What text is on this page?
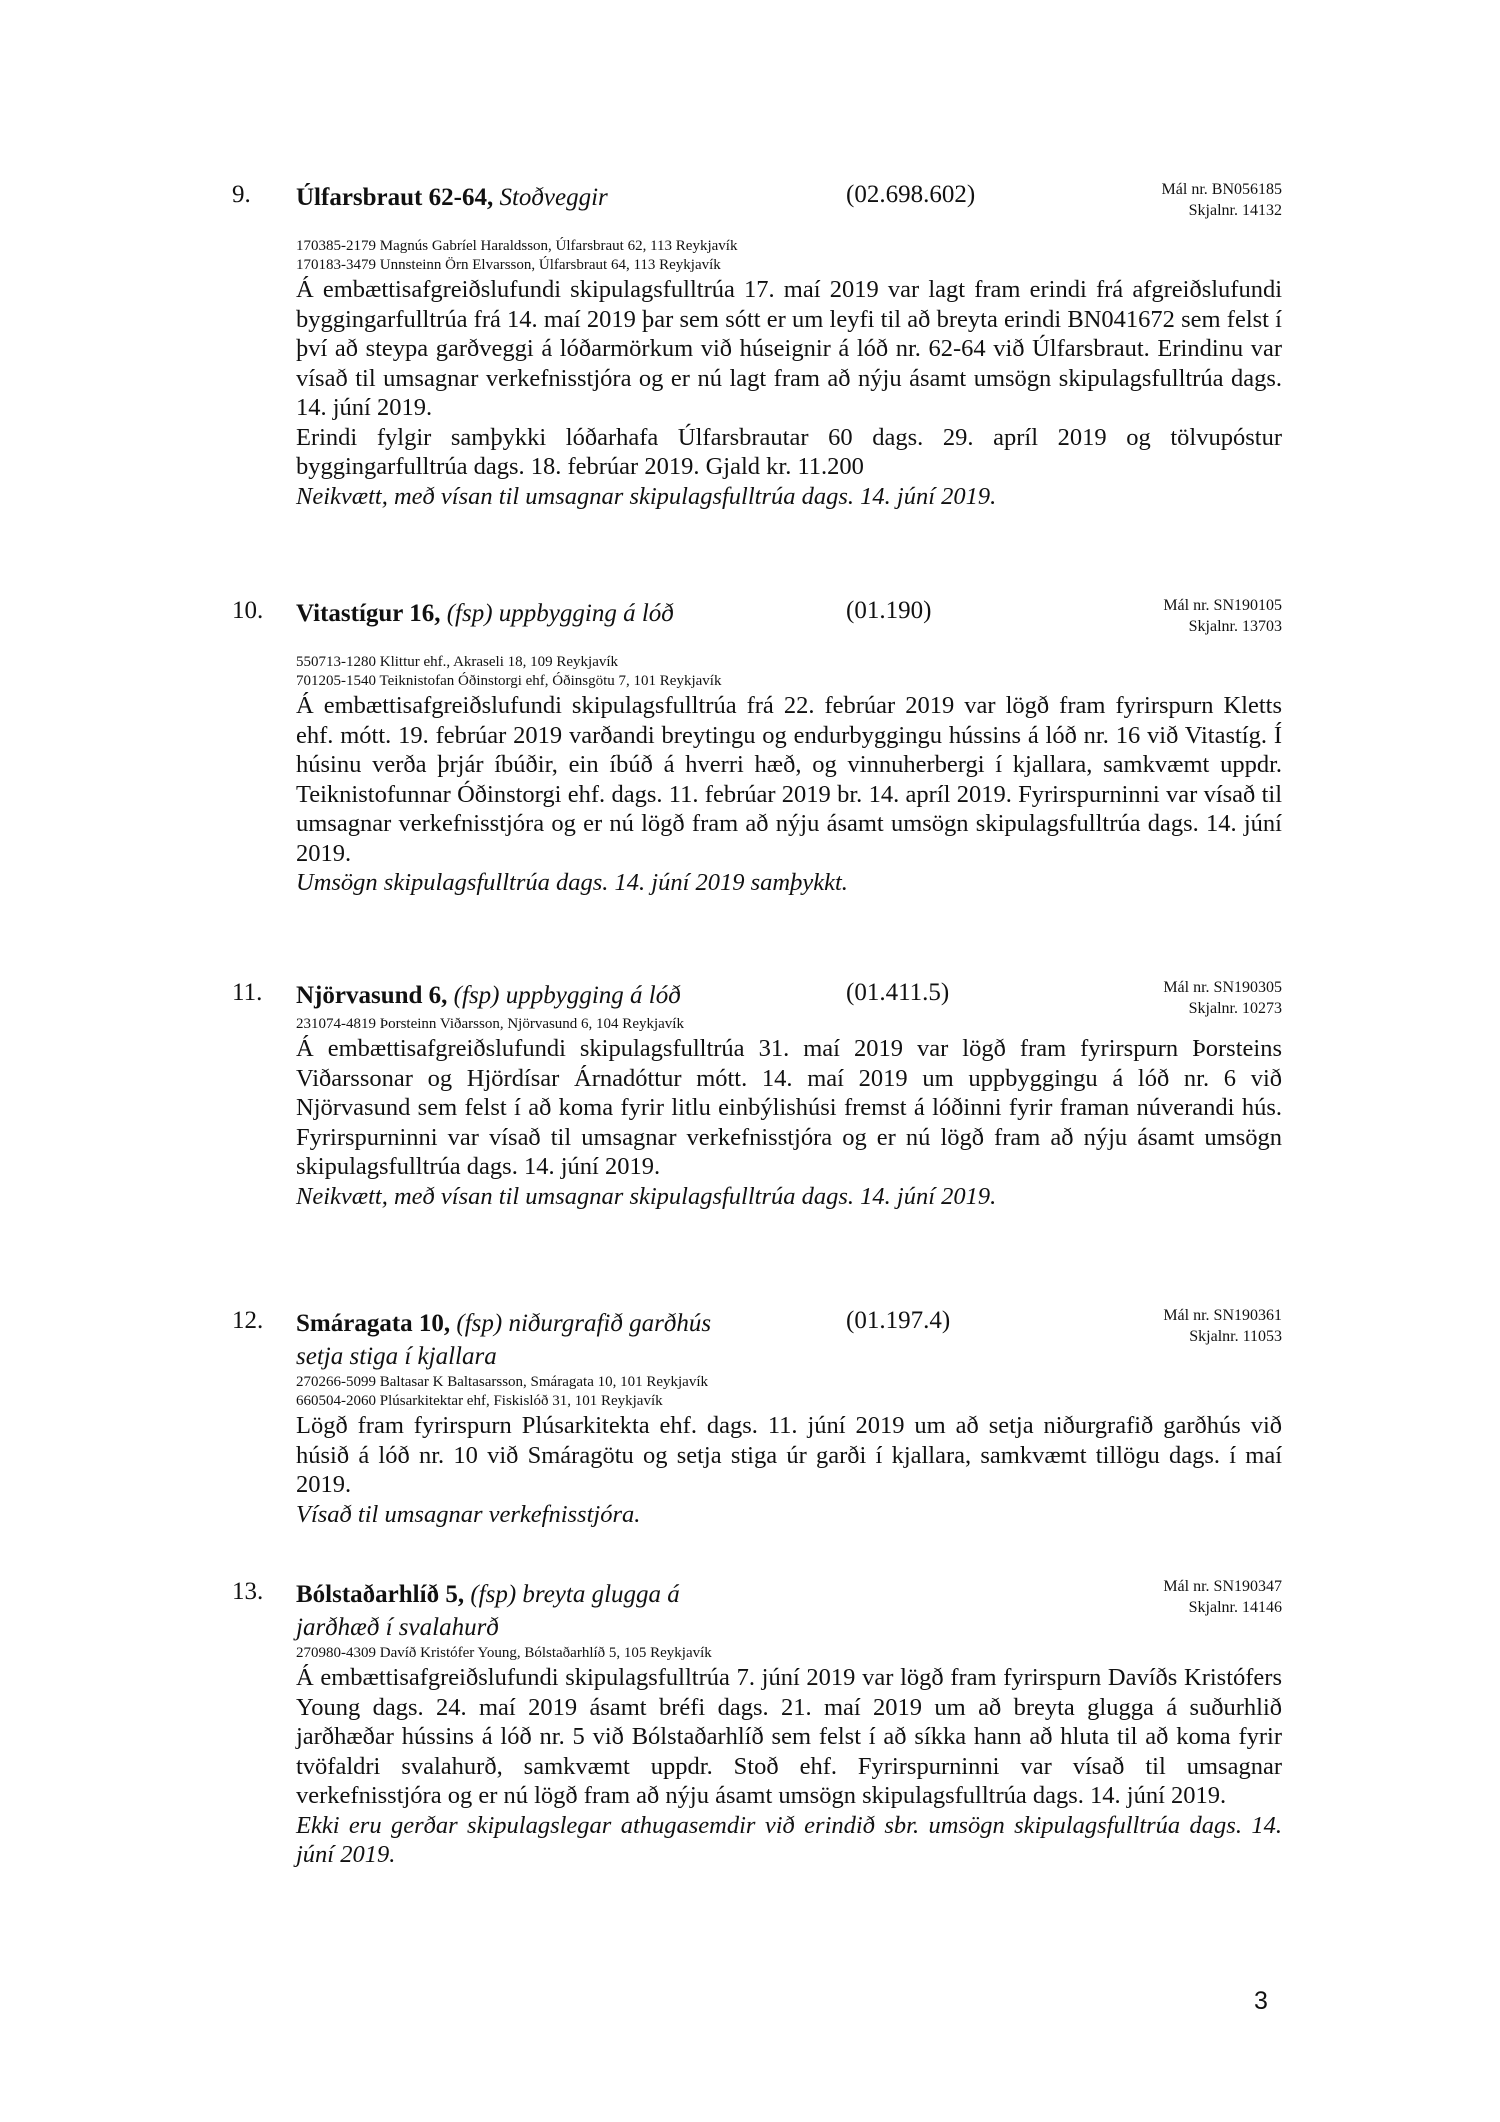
9. Úlfarsbraut 62-64, Stoðveggir	(02.698.602)	Mál nr. BN056185
Skjalnr. 14132
170385-2179 Magnús Gabríel Haraldsson, Úlfarsbraut 62, 113 Reykjavík
170183-3479 Unnsteinn Örn Elvarsson, Úlfarsbraut 64, 113 Reykjavík

Á embættisafgreiðslufundi skipulagsfulltrúa 17. maí 2019 var lagt fram erindi frá afgreiðslufundi byggingarfulltrúa frá 14. maí 2019 þar sem sótt er um leyfi til að breyta erindi BN041672 sem felst í því að steypa garðveggi á lóðarmörkum við húseignir á lóð nr. 62-64 við Úlfarsbraut. Erindinu var vísað til umsagnar verkefnisstjóra og er nú lagt fram að nýju ásamt umsögn skipulagsfulltrúa dags. 14. júní 2019.

Erindi fylgir samþykki lóðarhafa Úlfarsbrautar 60 dags. 29. apríl 2019 og tölvupóstur byggingarfulltrúa dags. 18. febrúar 2019. Gjald kr. 11.200

Neikvætt, með vísan til umsagnar skipulagsfulltrúa dags. 14. júní 2019.
10. Vitastígur 16, (fsp) uppbygging á lóð	(01.190)	Mál nr. SN190105
Skjalnr. 13703
550713-1280 Klittur ehf., Akraseli 18, 109 Reykjavík
701205-1540 Teiknistofan Óðinstorgi ehf, Óðinsgötu 7, 101 Reykjavík

Á embættisafgreiðslufundi skipulagsfulltrúa frá 22. febrúar 2019 var lögð fram fyrirspurn Kletts ehf. mótt. 19. febrúar 2019 varðandi breytingu og endurbyggingu hússins á lóð nr. 16 við Vitastíg. Í húsinu verða þrjár íbúðir, ein íbúð á hverri hæð, og vinnuherbergi í kjallara, samkvæmt uppdr. Teiknistofunnar Óðinstorgi ehf. dags. 11. febrúar 2019 br. 14. apríl 2019. Fyrirspurninni var vísað til umsagnar verkefnisstjóra og er nú lögð fram að nýju ásamt umsögn skipulagsfulltrúa dags. 14. júní 2019.

Umsögn skipulagsfulltrúa dags. 14. júní 2019 samþykkt.
11. Njörvasund 6, (fsp) uppbygging á lóð	(01.411.5)	Mál nr. SN190305
Skjalnr. 10273
231074-4819 Þorsteinn Viðarsson, Njörvasund 6, 104 Reykjavík

Á embættisafgreiðslufundi skipulagsfulltrúa 31. maí 2019 var lögð fram fyrirspurn Þorsteins Viðarssonar og Hjördísar Árnadóttur mótt. 14. maí 2019 um uppbyggingu á lóð nr. 6 við Njörvasund sem felst í að koma fyrir litlu einbýlishúsi fremst á lóðinni fyrir framan núverandi hús. Fyrirspurninni var vísað til umsagnar verkefnisstjóra og er nú lögð fram að nýju ásamt umsögn skipulagsfulltrúa dags. 14. júní 2019.

Neikvætt, með vísan til umsagnar skipulagsfulltrúa dags. 14. júní 2019.
12. Smáragata 10, (fsp) niðurgrafið garðhús
setja stiga í kjallara
(01.197.4)	Mál nr. SN190361
Skjalnr. 11053
270266-5099 Baltasar K Baltasarsson, Smáragata 10, 101 Reykjavík
660504-2060 Plúsarkitektar ehf, Fiskislóð 31, 101 Reykjavík

Lögð fram fyrirspurn Plúsarkitekta ehf. dags. 11. júní 2019 um að setja niðurgrafið garðhús við húsið á lóð nr. 10 við Smáragötu og setja stiga úr garði í kjallara, samkvæmt tillögu dags. í maí 2019.

Vísað til umsagnar verkefnisstjóra.
13. Bólstaðarhlíð 5, (fsp) breyta glugga á
jarðhæð í svalahurð
Mál nr. SN190347
Skjalnr. 14146
270980-4309 Davíð Kristófer Young, Bólstaðarhlíð 5, 105 Reykjavík

Á embættisafgreiðslufundi skipulagsfulltrúa 7. júní 2019 var lögð fram fyrirspurn Davíðs Kristófers Young dags. 24. maí 2019 ásamt bréfi dags. 21. maí 2019 um að breyta glugga á suðurhlið jarðhæðar hússins á lóð nr. 5 við Bólstaðarhlíð sem felst í að síkka hann að hluta til að koma fyrir tvöfaldri svalahurð, samkvæmt uppdr. Stoð ehf. Fyrirspurninni var vísað til umsagnar verkefnisstjóra og er nú lögð fram að nýju ásamt umsögn skipulagsfulltrúa dags. 14. júní 2019.

Ekki eru gerðar skipulagslegar athugasemdir við erindið sbr. umsögn skipulagsfulltrúa dags. 14. júní 2019.
3
